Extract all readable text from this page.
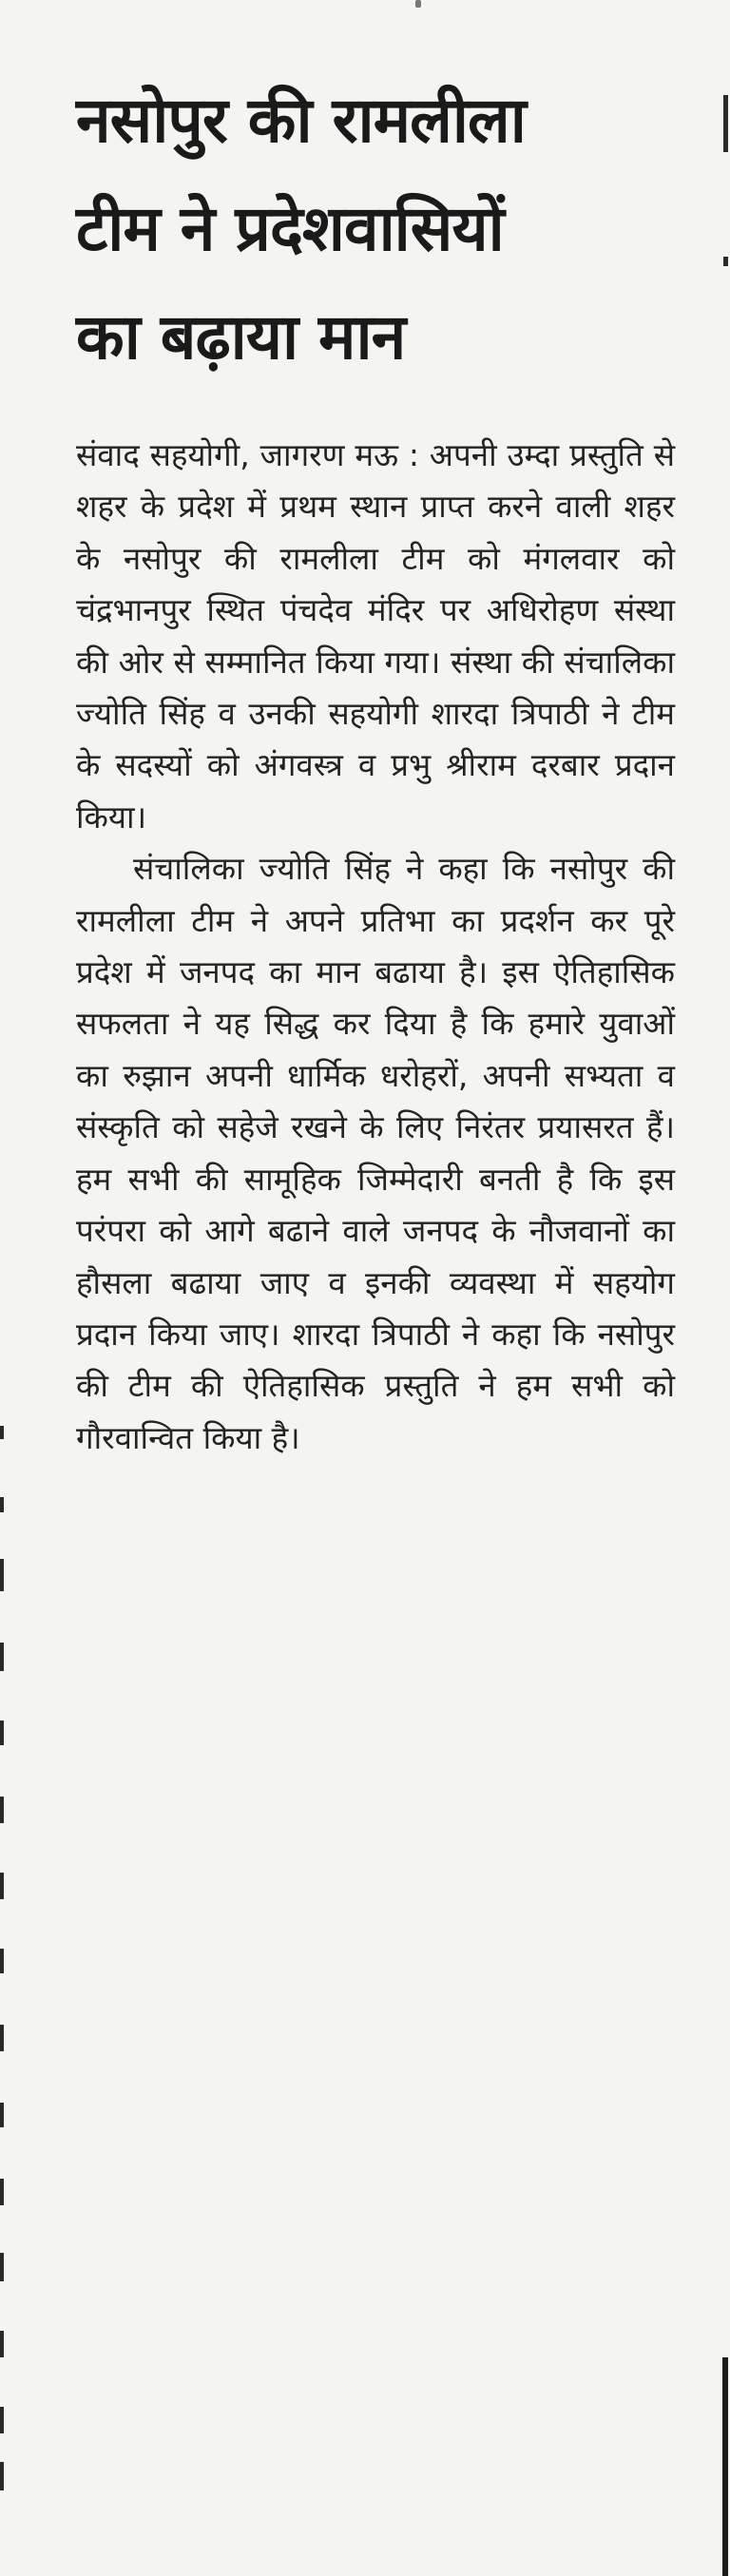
नसोपुर की रामलीला
टीम ने प्रदेशवासियों
का बढ़ाया मान

संवाद सहयोगी, जागरण मऊ : अपनी उम्दा प्रस्तुति से शहर के प्रदेश में प्रथम स्थान प्राप्त करने वाली शहर के नसोपुर की रामलीला टीम को मंगलवार को चंद्रभानपुर स्थित पंचदेव मंदिर पर अधिरोहण संस्था की ओर से सम्मानित किया गया। संस्था की संचालिका ज्योति सिंह व उनकी सहयोगी शारदा त्रिपाठी ने टीम के सदस्यों को अंगवस्त्र व प्रभु श्रीराम दरबार प्रदान किया।

संचालिका ज्योति सिंह ने कहा कि नसोपुर की रामलीला टीम ने अपने प्रतिभा का प्रदर्शन कर पूरे प्रदेश में जनपद का मान बढाया है। इस ऐतिहासिक सफलता ने यह सिद्ध कर दिया है कि हमारे युवाओं का रुझान अपनी धार्मिक धरोहरों, अपनी सभ्यता व संस्कृति को सहेजे रखने के लिए निरंतर प्रयासरत हैं। हम सभी की सामूहिक जिम्मेदारी बनती है कि इस परंपरा को आगे बढाने वाले जनपद के नौजवानों का हौसला बढाया जाए व इनकी व्यवस्था में सहयोग प्रदान किया जाए। शारदा त्रिपाठी ने कहा कि नसोपुर की टीम की ऐतिहासिक प्रस्तुति ने हम सभी को गौरवान्वित किया है।
